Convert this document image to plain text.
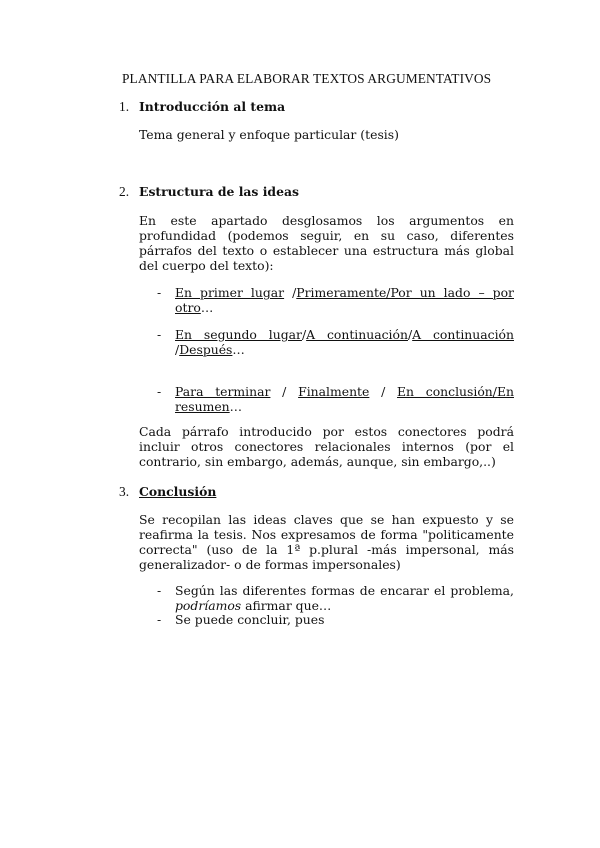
PLANTILLA PARA ELABORAR TEXTOS ARGUMENTATIVOS
1. Introducción al tema
Tema general y enfoque particular (tesis)
2. Estructura de las ideas
En este apartado desglosamos los argumentos en profundidad (podemos seguir, en su caso, diferentes párrafos del texto o establecer una estructura más global del cuerpo del texto):
- En primer lugar /Primeramente/Por un lado – por otro…
- En segundo lugar/A continuación/A continuación
/Después…
- Para terminar / Finalmente / En conclusión/En
resumen…
Cada párrafo introducido por estos conectores podrá incluir otros conectores relacionales internos (por el contrario, sin embargo, además, aunque, sin embargo,..)
3. Conclusión
Se recopilan las ideas claves que se han expuesto y se reafirma la tesis. Nos expresamos de forma "politicamente correcta" (uso de la 1ª p.plural -más impersonal, más generalizador- o de formas impersonales)
- Según las diferentes formas de encarar el problema, podríamos afirmar que…
- Se puede concluir, pues
